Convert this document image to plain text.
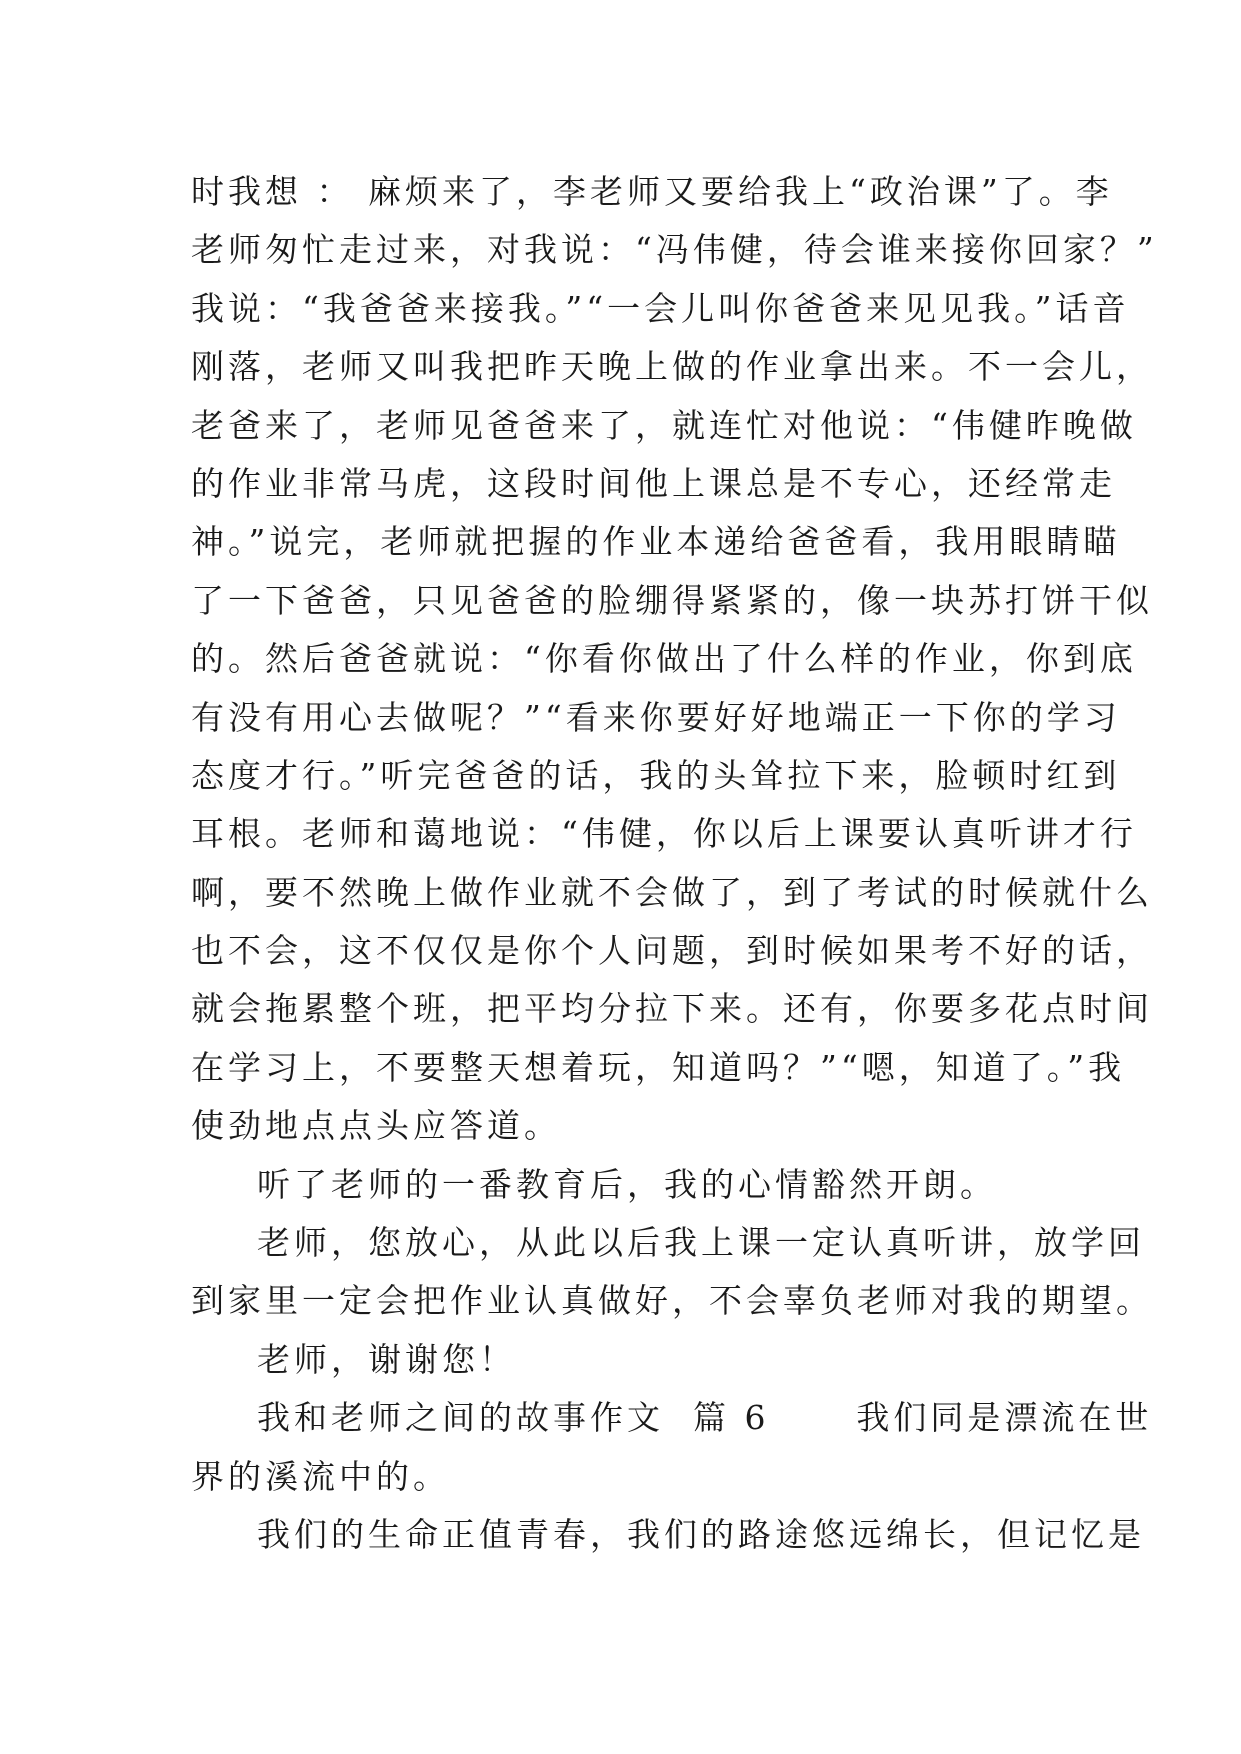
时我想 ： 麻烦来了，李老师又要给我上“政治课”了。李
老师匆忙走过来，对我说：“冯伟健，待会谁来接你回家？”
我说：“我爸爸来接我。”“一会儿叫你爸爸来见见我。”话音
刚落，老师又叫我把昨天晚上做的作业拿出来。不一会儿，
老爸来了，老师见爸爸来了，就连忙对他说：“伟健昨晚做
的作业非常马虎，这段时间他上课总是不专心，还经常走
神。”说完，老师就把握的作业本递给爸爸看，我用眼睛瞄
了一下爸爸，只见爸爸的脸绷得紧紧的，像一块苏打饼干似
的。然后爸爸就说：“你看你做出了什么样的作业，你到底
有没有用心去做呢？”“看来你要好好地端正一下你的学习
态度才行。”听完爸爸的话，我的头耸拉下来，脸顿时红到
耳根。老师和蔼地说：“伟健，你以后上课要认真听讲才行
啊，要不然晚上做作业就不会做了，到了考试的时候就什么
也不会，这不仅仅是你个人问题，到时候如果考不好的话，
就会拖累整个班，把平均分拉下来。还有，你要多花点时间
在学习上，不要整天想着玩，知道吗？”“嗯，知道了。”我
使劲地点点头应答道。
听了老师的一番教育后，我的心情豁然开朗。
老师，您放心，从此以后我上课一定认真听讲，放学回
到家里一定会把作业认真做好，不会辜负老师对我的期望。
老师，谢谢您！
我和老师之间的故事作文  篇 6      我们同是漂流在世
界的溪流中的。
我们的生命正值青春，我们的路途悠远绵长，但记忆是
